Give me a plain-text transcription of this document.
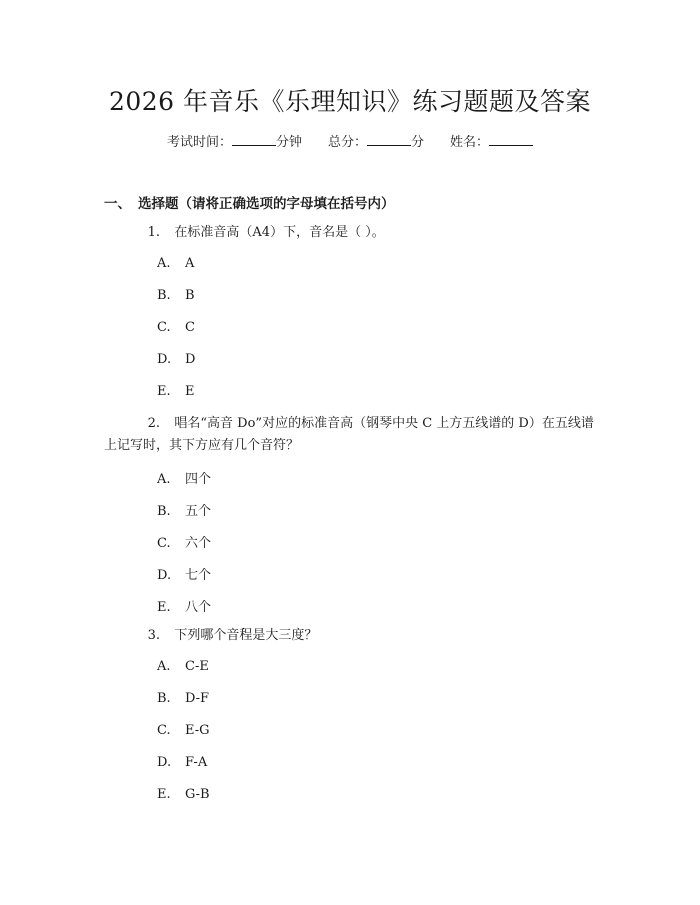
2026 年音乐《乐理知识》练习题题及答案
考试时间：	分钟 总分：	分 姓名：
一、 选择题（请将正确选项的字母填在括号内）
1. 在标准音高（A4）下，音名是（ ）。
A. A
B. B
C. C
D. D
E. E
2. 唱名“高音 Do”对应的标准音高（钢琴中央 C 上方五线谱的 D）在五线谱
上记写时，其下方应有几个音符？
A. 四个
B. 五个
C. 六个
D. 七个
E. 八个
3. 下列哪个音程是大三度？
A. C-E
B. D-F
C. E-G
D. F-A
E. G-B
